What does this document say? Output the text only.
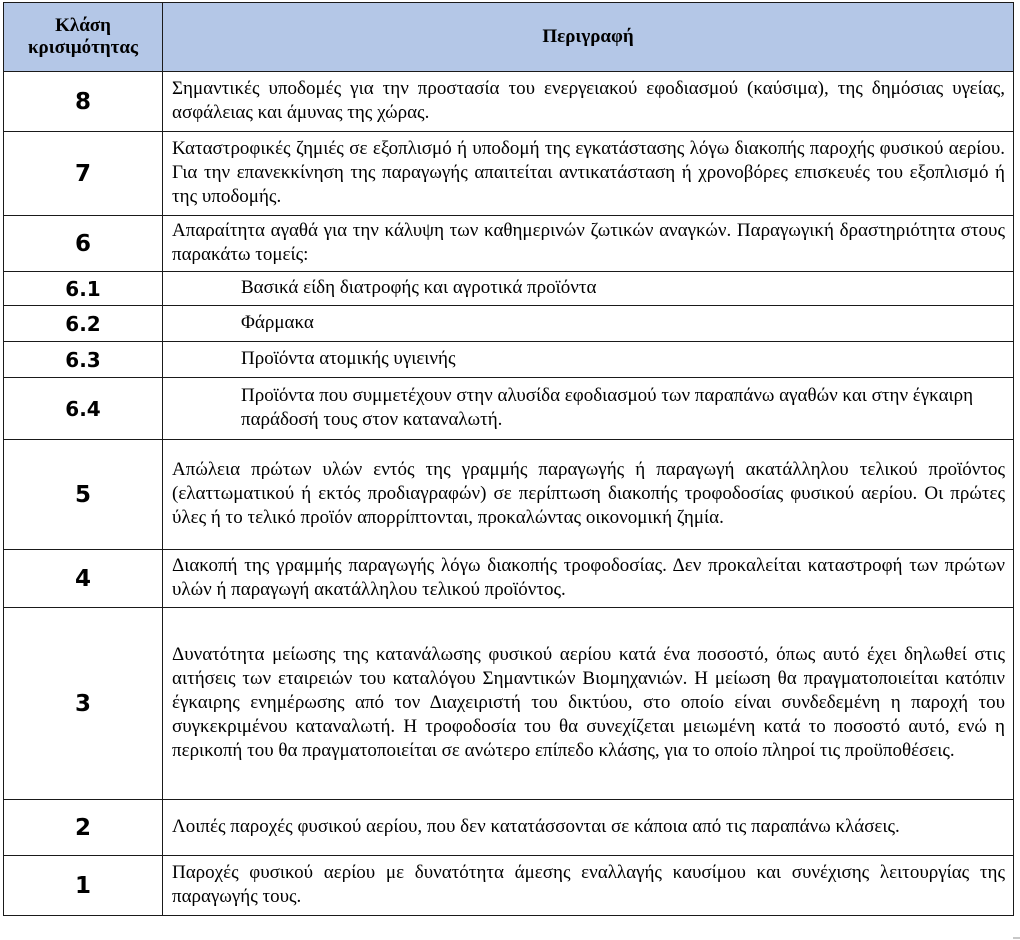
Κλάση κρισιμότητας	Περιγραφή
8	Σημαντικές υποδομές για την προστασία του ενεργειακού εφοδιασμού (καύσιμα), της δημόσιας υγείας, ασφάλειας και άμυνας της χώρας.
7	Καταστροφικές ζημιές σε εξοπλισμό ή υποδομή της εγκατάστασης λόγω διακοπής παροχής φυσικού αερίου. Για την επανεκκίνηση της παραγωγής απαιτείται αντικατάσταση ή χρονοβόρες επισκευές του εξοπλισμό ή της υποδομής.
6	Απαραίτητα αγαθά για την κάλυψη των καθημερινών ζωτικών αναγκών. Παραγωγική δραστηριότητα στους παρακάτω τομείς:
6.1	Βασικά είδη διατροφής και αγροτικά προϊόντα
6.2	Φάρμακα
6.3	Προϊόντα ατομικής υγιεινής
6.4	Προϊόντα που συμμετέχουν στην αλυσίδα εφοδιασμού των παραπάνω αγαθών και στην έγκαιρη παράδοσή τους στον καταναλωτή.
5	Απώλεια πρώτων υλών εντός της γραμμής παραγωγής ή παραγωγή ακατάλληλου τελικού προϊόντος (ελαττωματικού ή εκτός προδιαγραφών) σε περίπτωση διακοπής τροφοδοσίας φυσικού αερίου. Οι πρώτες ύλες ή το τελικό προϊόν απορρίπτονται, προκαλώντας οικονομική ζημία.
4	Διακοπή της γραμμής παραγωγής λόγω διακοπής τροφοδοσίας. Δεν προκαλείται καταστροφή των πρώτων υλών ή παραγωγή ακατάλληλου τελικού προϊόντος.
3	Δυνατότητα μείωσης της κατανάλωσης φυσικού αερίου κατά ένα ποσοστό, όπως αυτό έχει δηλωθεί στις αιτήσεις των εταιρειών του καταλόγου Σημαντικών Βιομηχανιών. Η μείωση θα πραγματοποιείται κατόπιν έγκαιρης ενημέρωσης από τον Διαχειριστή του δικτύου, στο οποίο είναι συνδεδεμένη η παροχή του συγκεκριμένου καταναλωτή. Η τροφοδοσία του θα συνεχίζεται μειωμένη κατά το ποσοστό αυτό, ενώ η περικοπή του θα πραγματοποιείται σε ανώτερο επίπεδο κλάσης, για το οποίο πληροί τις προϋποθέσεις.
2	Λοιπές παροχές φυσικού αερίου, που δεν κατατάσσονται σε κάποια από τις παραπάνω κλάσεις.
1	Παροχές φυσικού αερίου με δυνατότητα άμεσης εναλλαγής καυσίμου και συνέχισης λειτουργίας της παραγωγής τους.
